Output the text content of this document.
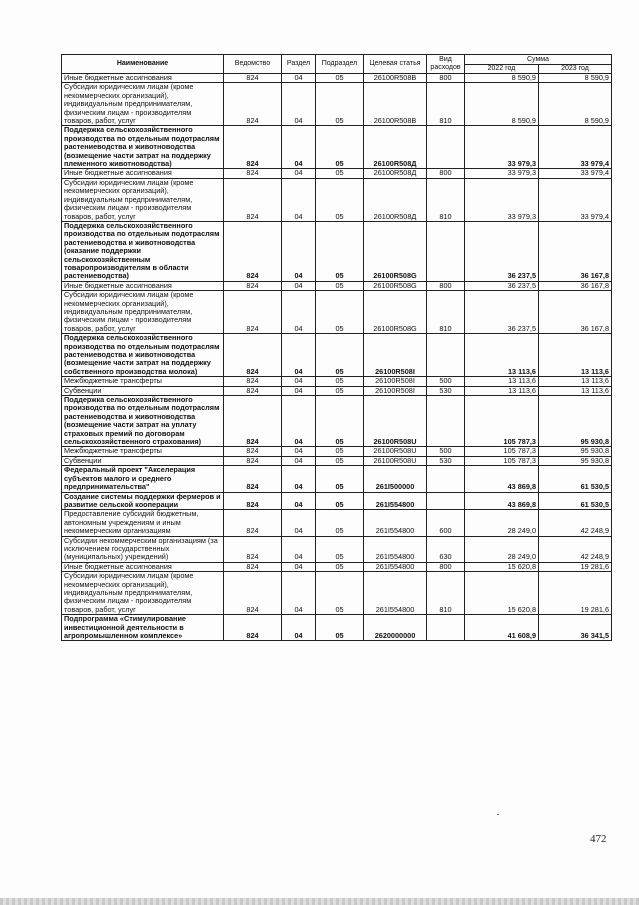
Наименование	Ведомство	Раздел	Подраздел	Целевая статья	Вид расходов	Сумма	
						2022 год	2023 год
Иные бюджетные ассигнования	824	04	05	26100R508B	800	8 590,9	8 590,9
Субсидии юридическим лицам (кроме некоммерческих организаций), индивидуальным предпринимателям, физическим лицам - производителям товаров, работ, услуг	824	04	05	26100R508B	810	8 590,9	8 590,9
Поддержка сельскохозяйственного производства по отдельным подотраслям растениеводства и животноводства (возмещение части затрат на поддержку племенного животноводства)	824	04	05	26100R508Д		33 979,3	33 979,4
Иные бюджетные ассигнования	824	04	05	26100R508Д	800	33 979,3	33 979,4
Субсидии юридическим лицам (кроме некоммерческих организаций), индивидуальным предпринимателям, физическим лицам - производителям товаров, работ, услуг	824	04	05	26100R508Д	810	33 979,3	33 979,4
Поддержка сельскохозяйственного производства по отдельным подотраслям растениеводства и животноводства (оказание поддержки сельскохозяйственным товаропроизводителям в области растениеводства)	824	04	05	26100R508G		36 237,5	36 167,8
Иные бюджетные ассигнования	824	04	05	26100R508G	800	36 237,5	36 167,8
Субсидии юридическим лицам (кроме некоммерческих организаций), индивидуальным предпринимателям, физическим лицам - производителям товаров, работ, услуг	824	04	05	26100R508G	810	36 237,5	36 167,8
Поддержка сельскохозяйственного производства по отдельным подотраслям растениеводства и животноводства (возмещение части затрат на поддержку собственного производства молока)	824	04	05	26100R508I		13 113,6	13 113,6
Межбюджетные трансферты	824	04	05	26100R508I	500	13 113,6	13 113,6
Субвенции	824	04	05	26100R508I	530	13 113,6	13 113,6
Поддержка сельскохозяйственного производства по отдельным подотраслям растениеводства и животноводства (возмещение части затрат на уплату страховых премий по договорам сельскохозяйственного страхования)	824	04	05	26100R508U		105 787,3	95 930,8
Межбюджетные трансферты	824	04	05	26100R508U	500	105 787,3	95 930,8
Субвенции	824	04	05	26100R508U	530	105 787,3	95 930,8
Федеральный проект "Акселерация субъектов малого и среднего предпринимательства"	824	04	05	261I500000		43 869,8	61 530,5
Создание системы поддержки фермеров и развитие сельской кооперации	824	04	05	261I554800		43 869,8	61 530,5
Предоставление субсидий бюджетным, автономным учреждениям и иным некоммерческим организациям	824	04	05	261I554800	600	28 249,0	42 248,9
Субсидии некоммерческим организациям (за исключением государственных (муниципальных) учреждений)	824	04	05	261I554800	630	28 249,0	42 248,9
Иные бюджетные ассигнования	824	04	05	261I554800	800	15 620,8	19 281,6
Субсидии юридическим лицам (кроме некоммерческих организаций), индивидуальным предпринимателям, физическим лицам - производителям товаров, работ, услуг	824	04	05	261I554800	810	15 620,8	19 281,6
Подпрограмма «Стимулирование инвестиционной деятельности в агропромышленном комплексе»	824	04	05	2620000000		41 608,9	36 341,5
472
